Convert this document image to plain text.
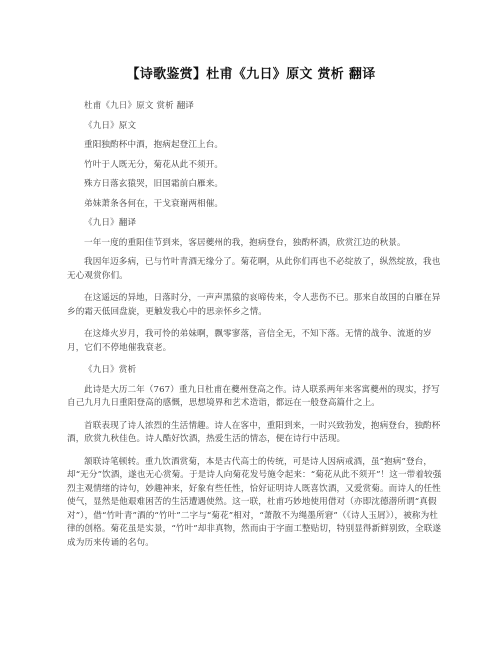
【诗歌鉴赏】杜甫《九日》原文 赏析 翻译

杜甫《九日》原文 赏析 翻译

《九日》原文

重阳独酌杯中酒，抱病起登江上台。

竹叶于人既无分，菊花从此不须开。

殊方日落玄猿哭，旧国霜前白雁来。

弟妹萧条各何在，干戈衰谢两相催。

《九日》翻译

一年一度的重阳佳节到来，客居夔州的我，抱病登台，独酌杯酒，欣赏江边的秋景。

我因年迈多病，已与竹叶青酒无缘分了。菊花啊，从此你们再也不必绽放了，纵然绽放，我也无心观赏你们。

在这遥远的异地，日落时分，一声声黑猿的哀啼传来，令人悲伤不已。那来自故国的白雁在异乡的霜天低回盘旋，更触发我心中的思亲怀乡之情。

在这烽火岁月，我可怜的弟妹啊，飘零寥落，音信全无，不知下落。无情的战争、流逝的岁月，它们不停地催我衰老。

《九日》赏析

此诗是大历二年（767）重九日杜甫在夔州登高之作。诗人联系两年来客寓夔州的现实，抒写自己九月九日重阳登高的感慨，思想境界和艺术造诣，都远在一般登高篇什之上。

首联表现了诗人浓烈的生活情趣。诗人在客中，重阳到来，一时兴致勃发，抱病登台，独酌杯酒，欣赏九秋佳色。诗人酷好饮酒，热爱生活的情态，便在诗行中活现。

颔联诗笔顿转。重九饮酒赏菊，本是古代高士的传统，可是诗人因病戒酒，虽“抱病”登台，却“无分”饮酒，遂也无心赏菊。于是诗人向菊花发号施令起来：“菊花从此不须开”！这一带着较强烈主观情绪的诗句，妙趣神来，好象有些任性，恰好证明诗人既喜饮酒，又爱赏菊。而诗人的任性使气，显然是他艰难困苦的生活遭遇使然。这一联，杜甫巧妙地使用借对（亦即沈德潜所谓“真假对”），借“竹叶青”酒的“竹叶”二字与“菊花”相对，“萧散不为绳墨所窘”（《诗人玉屑》），被称为杜律的创格。菊花虽是实景，“竹叶”却非真物，然而由于字面工整贴切，特别显得新鲜别致，全联遂成为历来传诵的名句。
